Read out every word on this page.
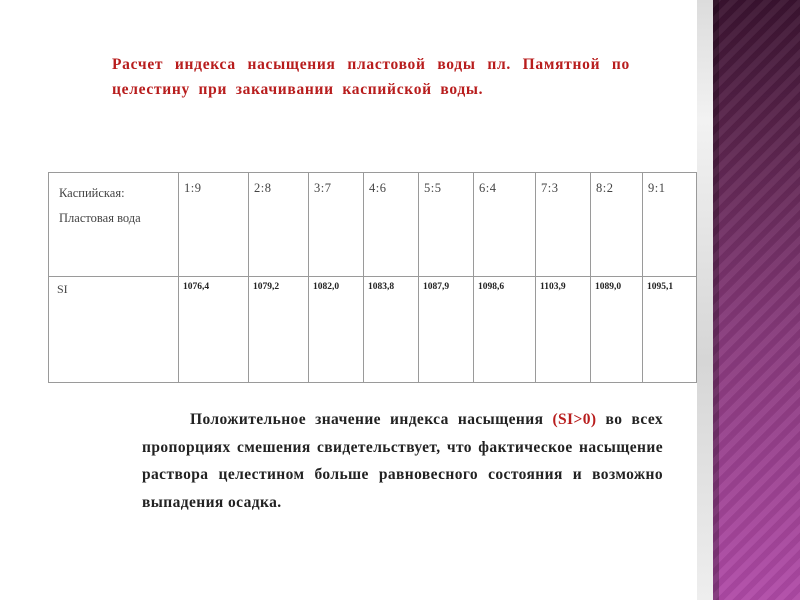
Расчет индекса насыщения пластовой воды пл. Памятной по целестину при закачивании каспийской воды.
Каспийская:
Пластовая вода	1:9	2:8	3:7	4:6	5:5	6:4	7:3	8:2	9:1
SI	1076,4	1079,2	1082,0	1083,8	1087,9	1098,6	1103,9	1089,0	1095,1
Положительное значение индекса насыщения (SI>0) во всех пропорциях смешения свидетельствует, что фактическое насыщение раствора целестином больше равновесного состояния и возможно выпадения осадка.
